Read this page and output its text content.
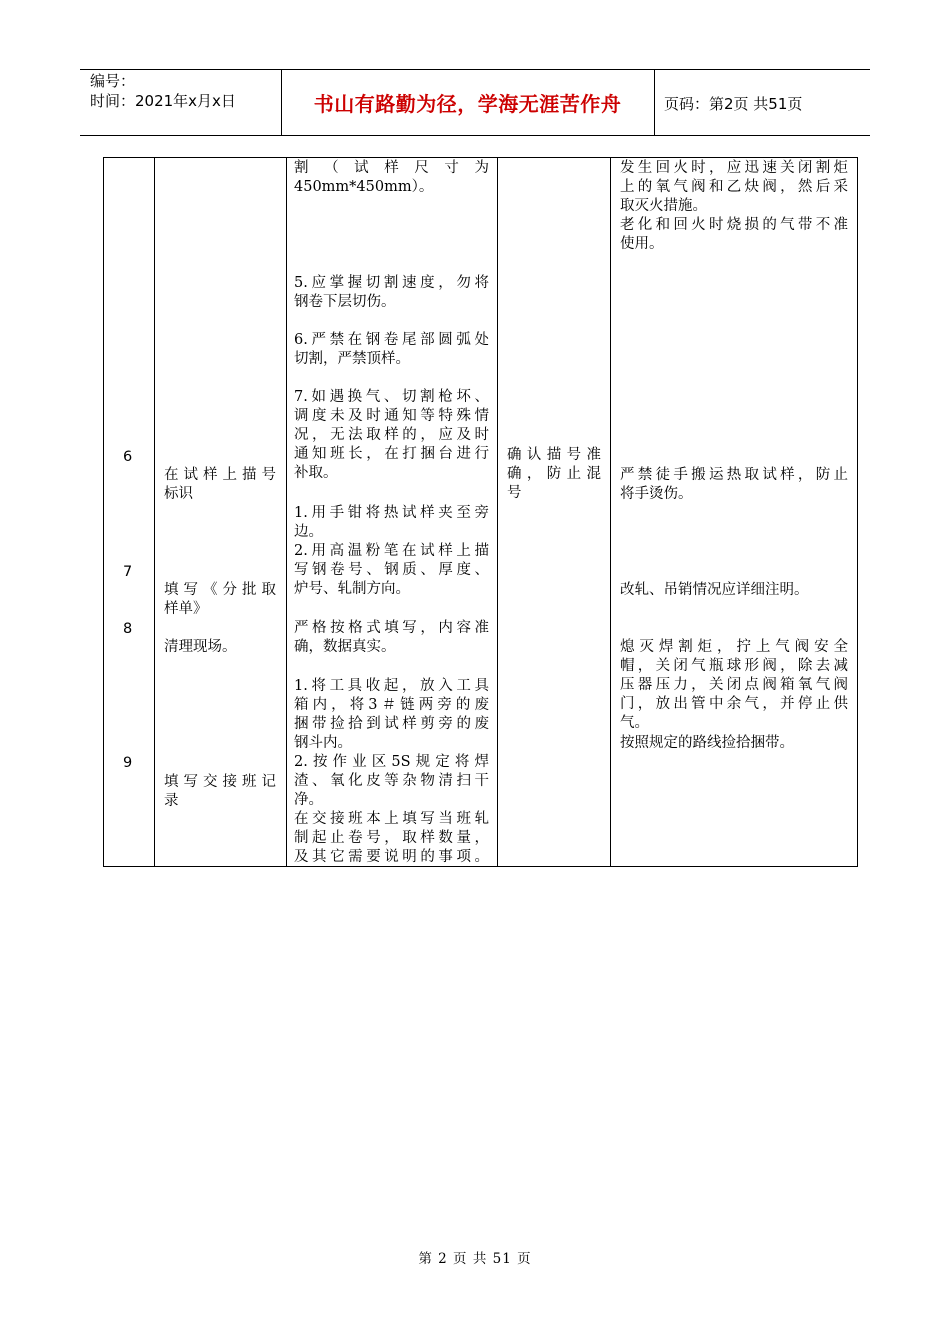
编号：
时间：2021年x月x日	书山有路勤为径，学海无涯苦作舟	页码：第2页 共51页
6
7
8
9
在试样上描号
标识
填写《分批取
样单》
清理现场。
填写交接班记
录
割（试样尺寸为
450mm*450mm）。
5.应掌握切割速度，勿将
钢卷下层切伤。
6.严禁在钢卷尾部圆弧处
切割，严禁顶样。
7.如遇换气、切割枪坏、
调度未及时通知等特殊情
况，无法取样的，应及时
通知班长，在打捆台进行
补取。
1.用手钳将热试样夹至旁
边。
2.用高温粉笔在试样上描
写钢卷号、钢质、厚度、
炉号、轧制方向。
严格按格式填写，内容准
确，数据真实。
1.将工具收起，放入工具
箱内，将3＃链两旁的废
捆带捡拾到试样剪旁的废
钢斗内。
2.按作业区5S规定将焊
渣、氧化皮等杂物清扫干
净。
在交接班本上填写当班轧
制起止卷号，取样数量，
及其它需要说明的事项。
确认描号准
确，防止混
号
发生回火时，应迅速关闭割炬
上的氧气阀和乙炔阀，然后采
取灭火措施。
老化和回火时烧损的气带不准
使用。
严禁徒手搬运热取试样，防止
将手烫伤。
改轧、吊销情况应详细注明。
熄灭焊割炬，拧上气阀安全
帽，关闭气瓶球形阀，除去减
压器压力，关闭点阀箱氧气阀
门，放出管中余气，并停止供
气。
按照规定的路线捡拾捆带。
第 2 页 共 51 页
